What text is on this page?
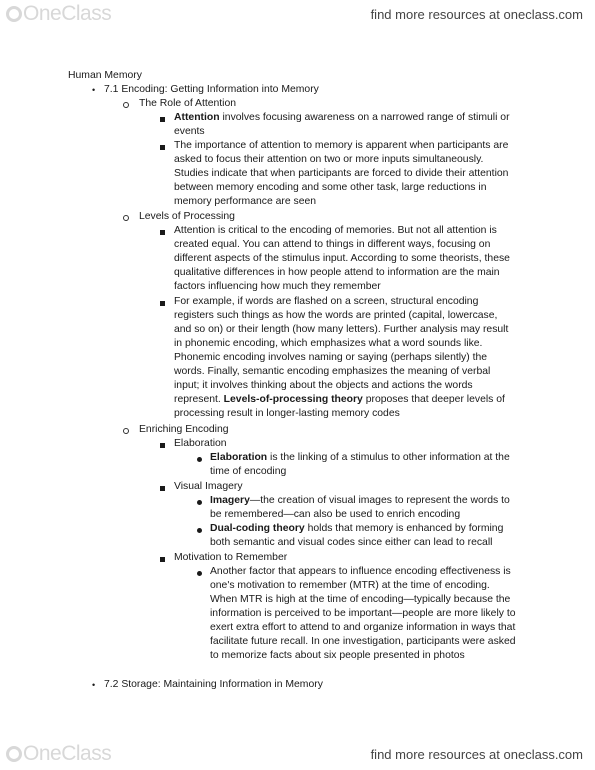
OneClass	find more resources at oneclass.com
Human Memory
• 7.1 Encoding: Getting Information into Memory
The Role of Attention
Attention involves focusing awareness on a narrowed range of stimuli or
events
The importance of attention to memory is apparent when participants are
asked to focus their attention on two or more inputs simultaneously.
Studies indicate that when participants are forced to divide their attention
between memory encoding and some other task, large reductions in
memory performance are seen
Levels of Processing
Attention is critical to the encoding of memories. But not all attention is
created equal. You can attend to things in different ways, focusing on
different aspects of the stimulus input. According to some theorists, these
qualitative differences in how people attend to information are the main
factors influencing how much they remember
For example, if words are flashed on a screen, structural encoding
registers such things as how the words are printed (capital, lowercase,
and so on) or their length (how many letters). Further analysis may result
in phonemic encoding, which emphasizes what a word sounds like.
Phonemic encoding involves naming or saying (perhaps silently) the
words. Finally, semantic encoding emphasizes the meaning of verbal
input; it involves thinking about the objects and actions the words
represent. Levels-of-processing theory proposes that deeper levels of
processing result in longer-lasting memory codes
Enriching Encoding
Elaboration
Elaboration is the linking of a stimulus to other information at the
time of encoding
Visual Imagery
Imagery—the creation of visual images to represent the words to
be remembered—can also be used to enrich encoding
Dual-coding theory holds that memory is enhanced by forming
both semantic and visual codes since either can lead to recall
Motivation to Remember
Another factor that appears to influence encoding effectiveness is
one's motivation to remember (MTR) at the time of encoding.
When MTR is high at the time of encoding—typically because the
information is perceived to be important—people are more likely to
exert extra effort to attend to and organize information in ways that
facilitate future recall. In one investigation, participants were asked
to memorize facts about six people presented in photos
• 7.2 Storage: Maintaining Information in Memory
OneClass	find more resources at oneclass.com
